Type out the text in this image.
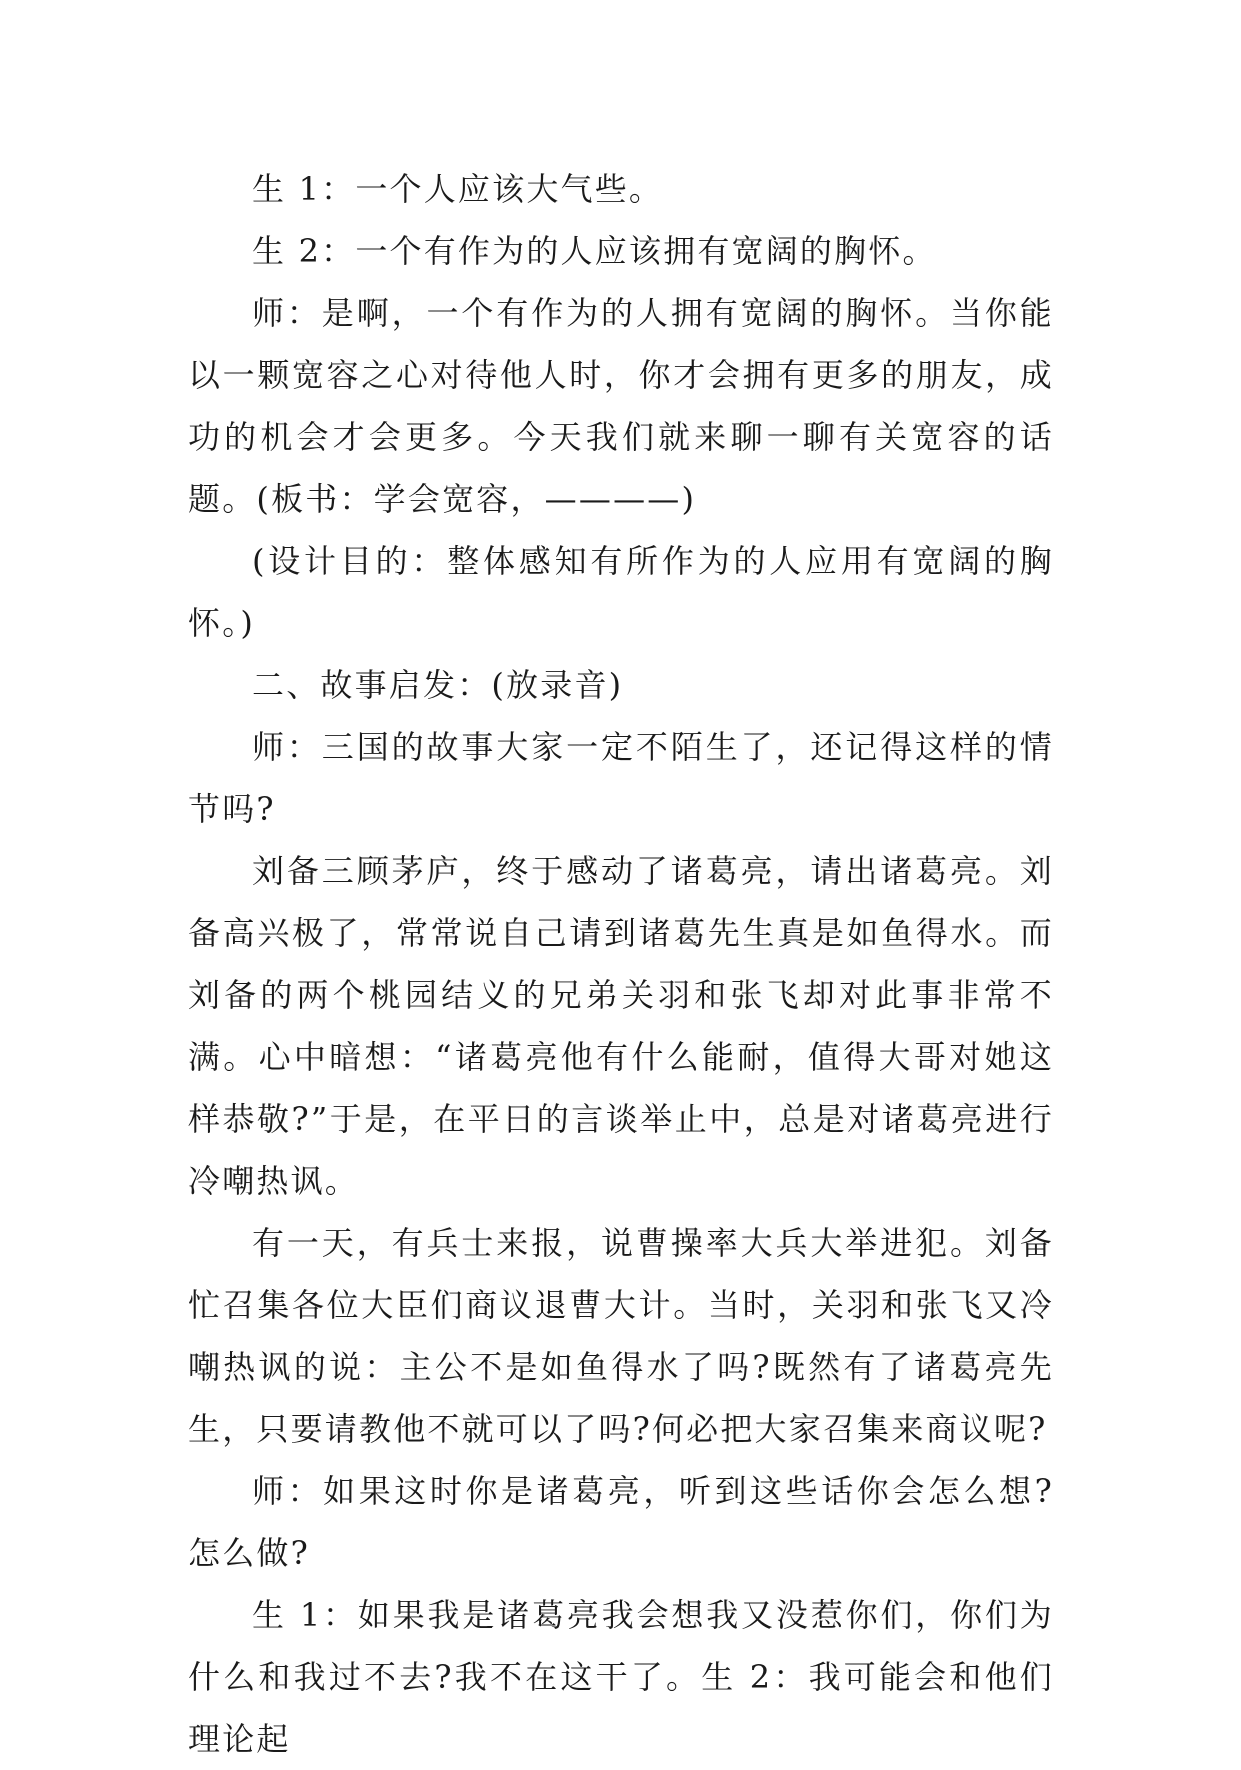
生 1：一个人应该大气些。

生 2：一个有作为的人应该拥有宽阔的胸怀。

师：是啊，一个有作为的人拥有宽阔的胸怀。当你能以一颗宽容之心对待他人时，你才会拥有更多的朋友，成功的机会才会更多。今天我们就来聊一聊有关宽容的话题。(板书：学会宽容，————)

(设计目的：整体感知有所作为的人应用有宽阔的胸怀。)

二、故事启发：(放录音)

师：三国的故事大家一定不陌生了，还记得这样的情节吗?

刘备三顾茅庐，终于感动了诸葛亮，请出诸葛亮。刘备高兴极了，常常说自己请到诸葛先生真是如鱼得水。而刘备的两个桃园结义的兄弟关羽和张飞却对此事非常不满。心中暗想：“诸葛亮他有什么能耐，值得大哥对她这样恭敬?”于是，在平日的言谈举止中，总是对诸葛亮进行冷嘲热讽。

有一天，有兵士来报，说曹操率大兵大举进犯。刘备忙召集各位大臣们商议退曹大计。当时，关羽和张飞又冷嘲热讽的说：主公不是如鱼得水了吗?既然有了诸葛亮先生，只要请教他不就可以了吗?何必把大家召集来商议呢?

师：如果这时你是诸葛亮，听到这些话你会怎么想?怎么做?

生 1：如果我是诸葛亮我会想我又没惹你们，你们为什么和我过不去?我不在这干了。生 2：我可能会和他们理论起
